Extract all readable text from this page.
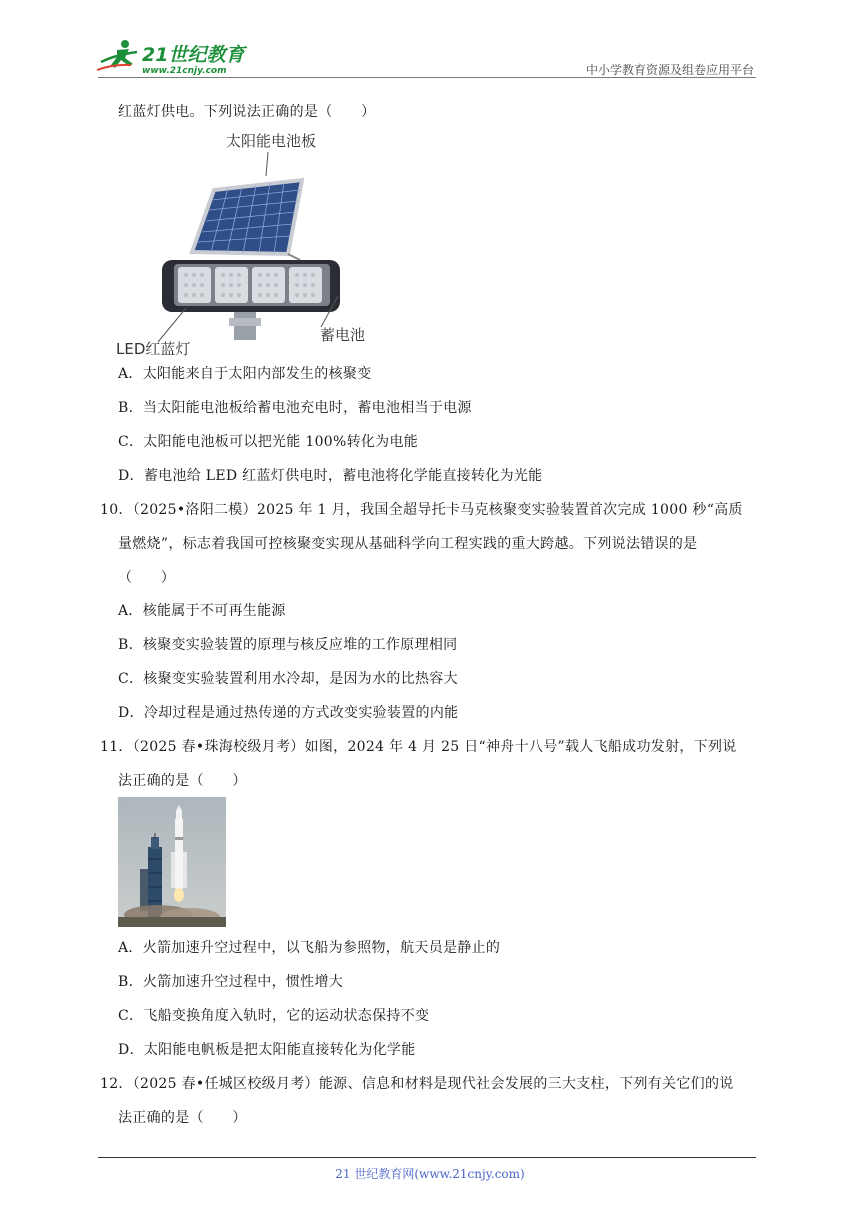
21世纪教育
www.21cnjy.com	中小学教育资源及组卷应用平台
红蓝灯供电。下列说法正确的是（　　）
太阳能电池板
蓄电池
LED红蓝灯
A．太阳能来自于太阳内部发生的核聚变
B．当太阳能电池板给蓄电池充电时，蓄电池相当于电源
C．太阳能电池板可以把光能 100%转化为电能
D．蓄电池给 LED 红蓝灯供电时，蓄电池将化学能直接转化为光能
10．（2025•洛阳二模）2025 年 1 月，我国全超导托卡马克核聚变实验装置首次完成 1000 秒“高质
量燃烧”，标志着我国可控核聚变实现从基础科学向工程实践的重大跨越。下列说法错误的是
（　　）
A．核能属于不可再生能源
B．核聚变实验装置的原理与核反应堆的工作原理相同
C．核聚变实验装置利用水冷却，是因为水的比热容大
D．冷却过程是通过热传递的方式改变实验装置的内能
11．（2025 春•珠海校级月考）如图，2024 年 4 月 25 日“神舟十八号”载人飞船成功发射，下列说
法正确的是（　　）
A．火箭加速升空过程中，以飞船为参照物，航天员是静止的
B．火箭加速升空过程中，惯性增大
C．飞船变换角度入轨时，它的运动状态保持不变
D．太阳能电帆板是把太阳能直接转化为化学能
12．（2025 春•任城区校级月考）能源、信息和材料是现代社会发展的三大支柱，下列有关它们的说
法正确的是（　　）
21 世纪教育网(www.21cnjy.com)
